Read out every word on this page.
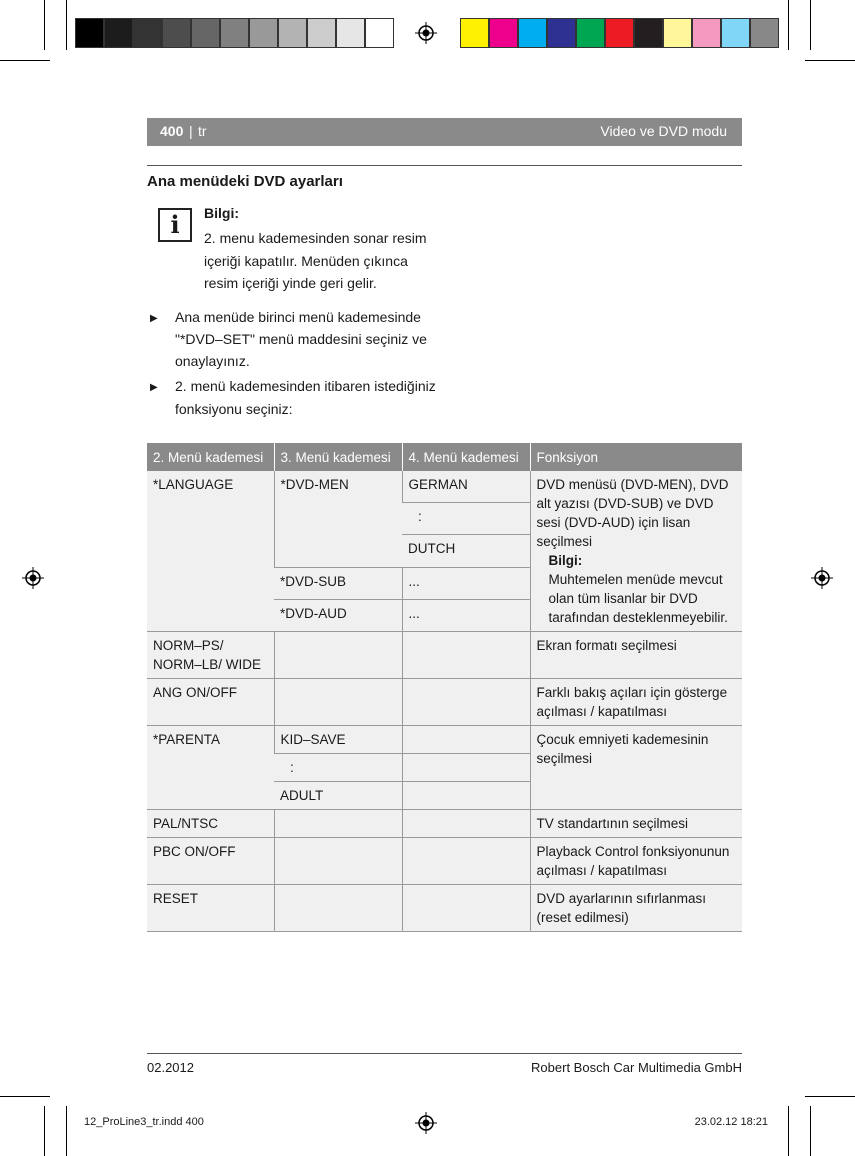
400 | tr	Video ve DVD modu
Ana menüdeki DVD ayarları
i	Bilgi:
2. menu kademesinden sonar resim
içeriği kapatılır. Menüden çıkınca
resim içeriği yinde geri gelir.
▶ Ana menüde birinci menü kademesinde
"*DVD–SET" menü maddesini seçiniz ve
onaylayınız.
▶ 2. menü kademesinden itibaren istediğiniz
fonksiyonu seçiniz:
2. Menü kademesi	3. Menü kademesi	4. Menü kademesi	Fonksiyon
*LANGUAGE	*DVD-MEN	GERMAN	DVD menüsü (DVD-MEN), DVD alt yazısı (DVD-SUB) ve DVD sesi (DVD-AUD) için lisan seçilmesi
Bilgi:
Muhtemelen menüde mevcut olan tüm lisanlar bir DVD tarafından desteklenmeyebilir.

		:	
		DUTCH	
	*DVD-SUB	...	
	*DVD-AUD	...	

NORM–PS/
NORM–LB/ WIDE			Ekran formatı seçilmesi
ANG ON/OFF			Farklı bakış açıları için gösterge açılması / kapatılması
*PARENTA	KID–SAVE		Çocuk emniyeti kademesinin seçilmesi
	:		
	ADULT		
PAL/NTSC			TV standartının seçilmesi
PBC ON/OFF			Playback Control fonksiyonunun açılması / kapatılması
RESET			DVD ayarlarının sıfırlanması (reset edilmesi)
02.2012	Robert Bosch Car Multimedia GmbH
12_ProLine3_tr.indd 400	23.02.12 18:21
